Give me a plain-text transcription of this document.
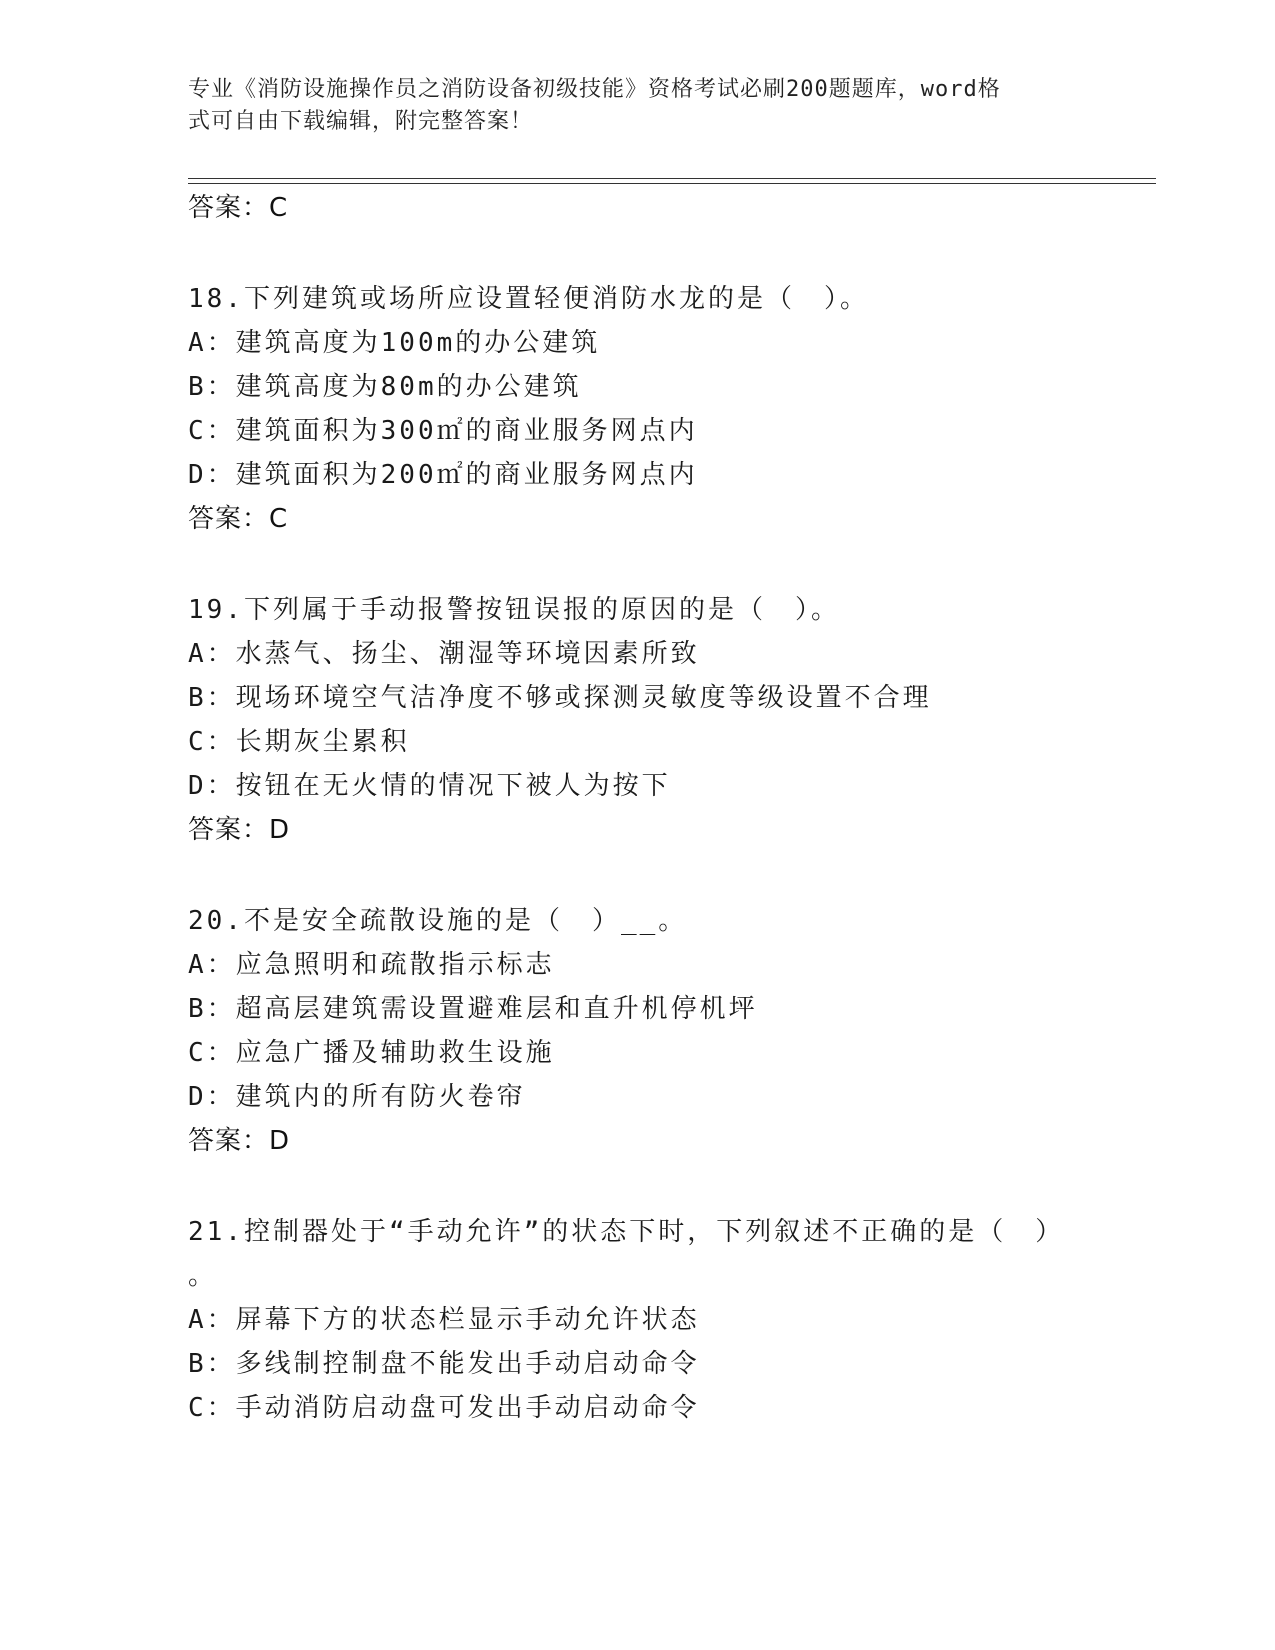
专业《消防设施操作员之消防设备初级技能》资格考试必刷200题题库，word格
式可自由下载编辑，附完整答案！
答案：C
18.下列建筑或场所应设置轻便消防水龙的是（　）。
A：建筑高度为100m的办公建筑
B：建筑高度为80m的办公建筑
C：建筑面积为300㎡的商业服务网点内
D：建筑面积为200㎡的商业服务网点内
答案：C
19.下列属于手动报警按钮误报的原因的是（　）。
A：水蒸气、扬尘、潮湿等环境因素所致
B：现场环境空气洁净度不够或探测灵敏度等级设置不合理
C：长期灰尘累积
D：按钮在无火情的情况下被人为按下
答案：D
20.不是安全疏散设施的是（　）__。
A：应急照明和疏散指示标志
B：超高层建筑需设置避难层和直升机停机坪
C：应急广播及辅助救生设施
D：建筑内的所有防火卷帘
答案：D
21.控制器处于“手动允许”的状态下时，下列叙述不正确的是（　）
。
A：屏幕下方的状态栏显示手动允许状态
B：多线制控制盘不能发出手动启动命令
C：手动消防启动盘可发出手动启动命令
